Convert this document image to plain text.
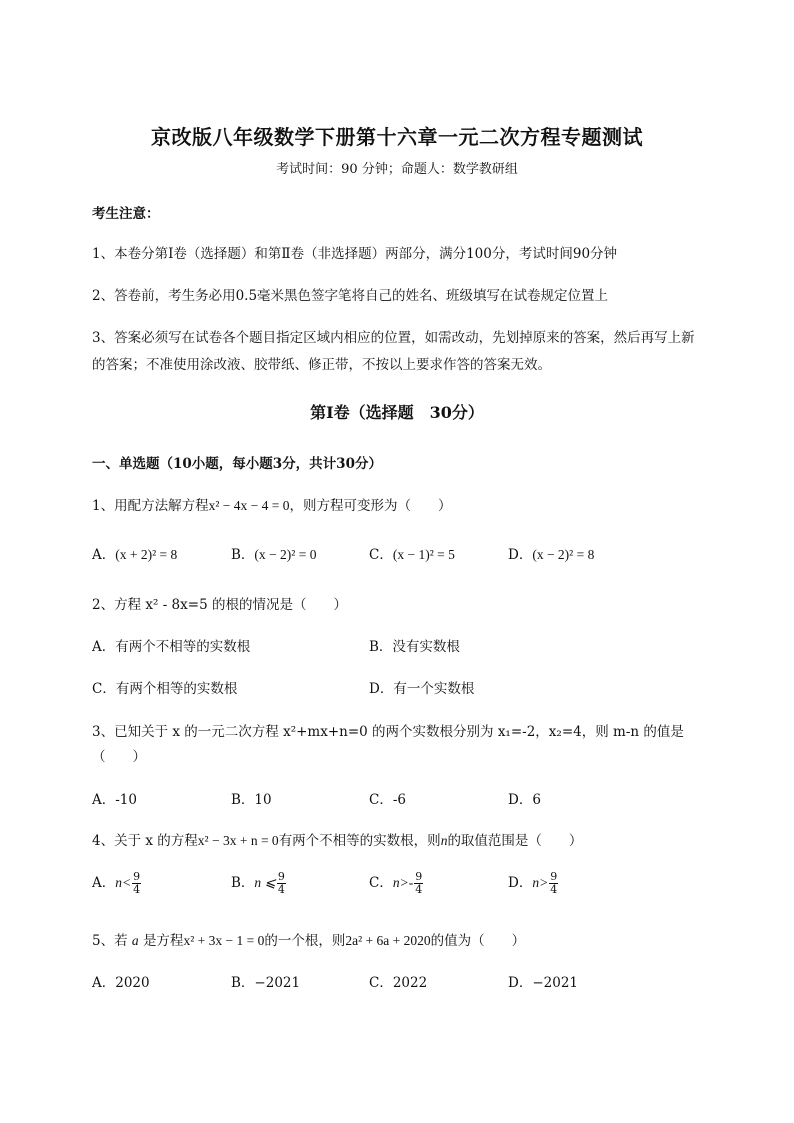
京改版八年级数学下册第十六章一元二次方程专题测试
考试时间：90 分钟；命题人：数学教研组
考生注意：
1、本卷分第I卷（选择题）和第Ⅱ卷（非选择题）两部分，满分100分，考试时间90分钟
2、答卷前，考生务必用0.5毫米黑色签字笔将自己的姓名、班级填写在试卷规定位置上
3、答案必须写在试卷各个题目指定区域内相应的位置，如需改动，先划掉原来的答案，然后再写上新
的答案；不准使用涂改液、胶带纸、修正带，不按以上要求作答的答案无效。
第I卷（选择题　30分）
一、单选题（10小题，每小题3分，共计30分）
1、用配方法解方程x² − 4x − 4 = 0，则方程可变形为（　　）
A．(x + 2)² = 8	B．(x − 2)² = 0	C．(x − 1)² = 5	D．(x − 2)² = 8
2、方程 x² - 8x=5 的根的情况是（　　）
A．有两个不相等的实数根	B．没有实数根
C．有两个相等的实数根	D．有一个实数根
3、已知关于 x 的一元二次方程 x²+mx+n=0 的两个实数根分别为 x₁=-2，x₂=4，则 m-n 的值是
（　　）
A．-10	B．10	C．-6	D．6
4、关于 x 的方程x² − 3x + n = 0有两个不相等的实数根，则n的取值范围是（　　）
A．$n< \frac{9}{4}$	B．n ⩽ $\frac{9}{4}$	C．$n>- \frac{9}{4}$	D．$n> \frac{9}{4}$
5、若 a 是方程x² + 3x − 1 = 0的一个根，则2a² + 6a + 2020的值为（　　）
A．2020	B．−2021	C．2022	D．−2021
